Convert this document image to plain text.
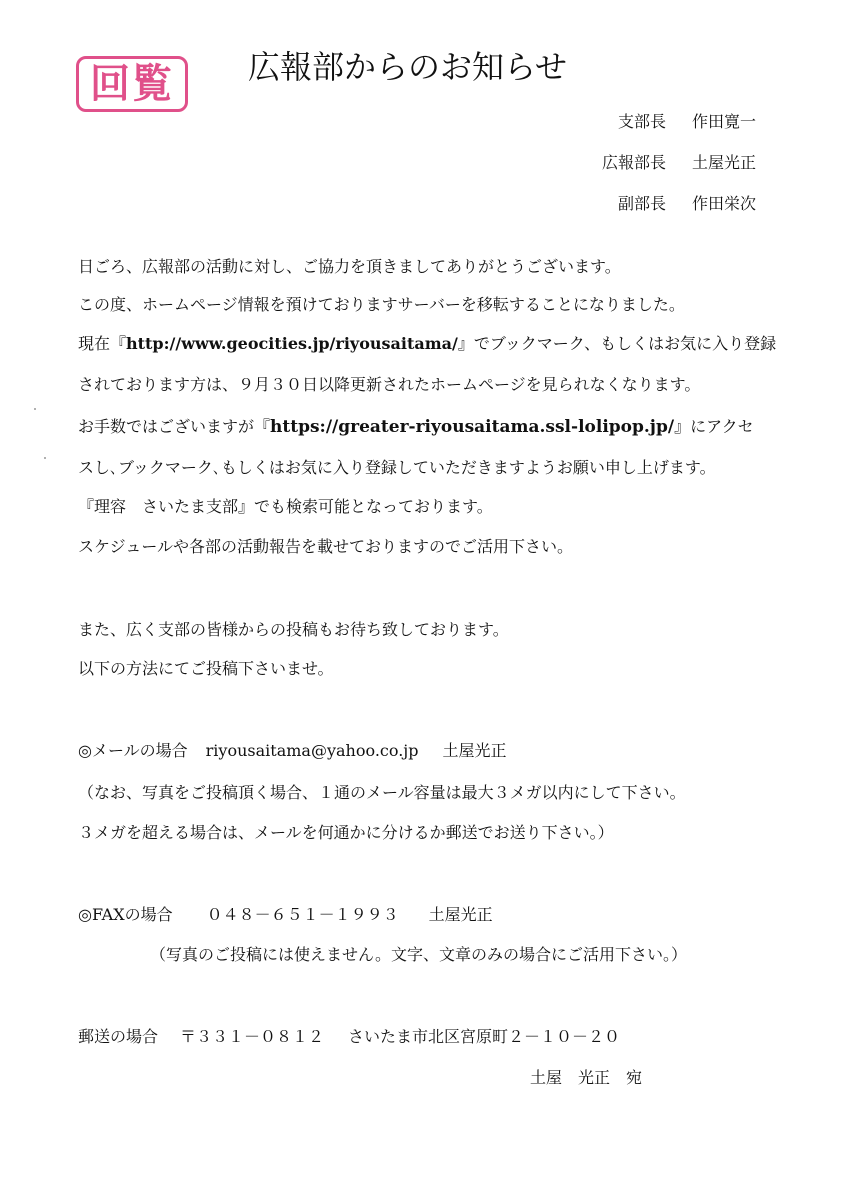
回覧 広報部からのお知らせ
支部長 作田寛一
広報部長 土屋光正
副部長 作田栄次
日ごろ、広報部の活動に対し、ご協力を頂きましてありがとうございます。
この度、ホームページ情報を預けておりますサーバーを移転することになりました。
現在『http://www.geocities.jp/riyousaitama/』でブックマーク、もしくはお気に入り登録
されております方は、９月３０日以降更新されたホームページを見られなくなります。
お手数ではございますが『https://greater-riyousaitama.ssl-lolipop.jp/』にアクセ
スし､ブックマーク､もしくはお気に入り登録していただきますようお願い申し上げます。
『理容　さいたま支部』でも検索可能となっております。
スケジュールや各部の活動報告を載せておりますのでご活用下さい。
また、広く支部の皆様からの投稿もお待ち致しております。
以下の方法にてご投稿下さいませ。
◎メールの場合 riyousaitama@yahoo.co.jp 土屋光正
（なお、写真をご投稿頂く場合、１通のメール容量は最大３メガ以内にして下さい。
３メガを超える場合は、メールを何通かに分けるか郵送でお送り下さい。）
◎FAXの場合 ０４８－６５１－１９９３ 土屋光正
（写真のご投稿には使えません。文字、文章のみの場合にご活用下さい。）
郵送の場合 〒３３１－０８１２ さいたま市北区宮原町２－１０－２０
土屋　光正　宛
